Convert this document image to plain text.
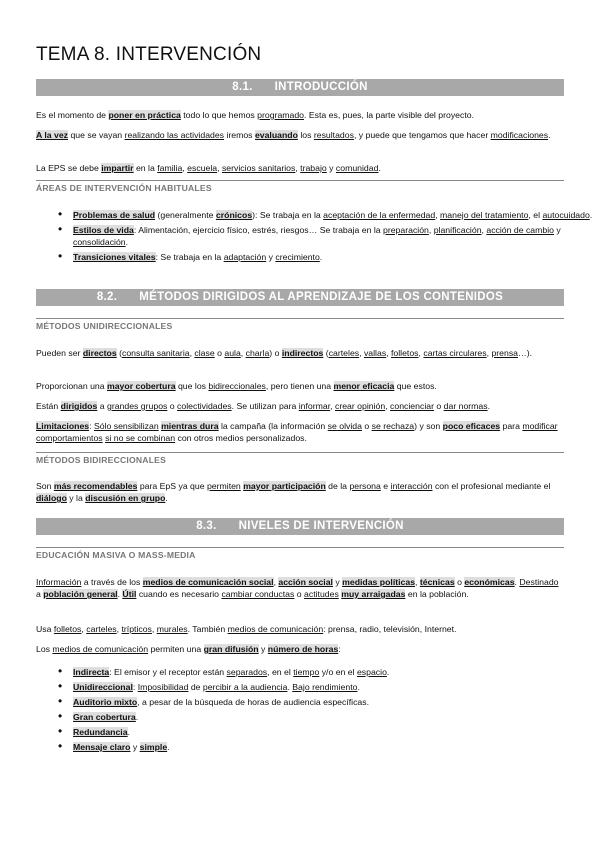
TEMA 8. INTERVENCIÓN
8.1. INTRODUCCIÓN
Es el momento de poner en práctica todo lo que hemos programado. Esta es, pues, la parte visible del proyecto.
A la vez que se vayan realizando las actividades iremos evaluando los resultados, y puede que tengamos que hacer modificaciones.
La EPS se debe impartir en la familia, escuela, servicios sanitarios, trabajo y comunidad.
ÁREAS DE INTERVENCIÓN HABITUALES
• Problemas de salud (generalmente crónicos): Se trabaja en la aceptación de la enfermedad, manejo del tratamiento, el autocuidado.
• Estilos de vida: Alimentación, ejercicio físico, estrés, riesgos… Se trabaja en la preparación, planificación, acción de cambio y consolidación.
• Transiciones vitales: Se trabaja en la adaptación y crecimiento.
8.2. MÉTODOS DIRIGIDOS AL APRENDIZAJE DE LOS CONTENIDOS
MÉTODOS UNIDIRECCIONALES
Pueden ser directos (consulta sanitaria, clase o aula, charla) o indirectos (carteles, vallas, folletos, cartas circulares, prensa…).
Proporcionan una mayor cobertura que los bidireccionales, pero tienen una menor eficacia que estos.
Están dirigidos a grandes grupos o colectividades. Se utilizan para informar, crear opinión, concienciar o dar normas.
Limitaciones: Sólo sensibilizan mientras dura la campaña (la información se olvida o se rechaza) y son poco eficaces para modificar comportamientos si no se combinan con otros medios personalizados.
MÉTODOS BIDIRECCIONALES
Son más recomendables para EpS ya que permiten mayor participación de la persona e interacción con el profesional mediante el diálogo y la discusión en grupo.
8.3. NIVELES DE INTERVENCIÓN
EDUCACIÓN MASIVA O MASS-MEDIA
Información a través de los medios de comunicación social, acción social y medidas políticas, técnicas o económicas. Destinado a población general. Útil cuando es necesario cambiar conductas o actitudes muy arraigadas en la población.
Usa folletos, carteles, trípticos, murales. También medios de comunicación: prensa, radio, televisión, Internet.
Los medios de comunicación permiten una gran difusión y número de horas:
• Indirecta: El emisor y el receptor están separados, en el tiempo y/o en el espacio.
• Unidireccional: Imposibilidad de percibir a la audiencia. Bajo rendimiento.
• Auditorio mixto, a pesar de la búsqueda de horas de audiencia específicas.
• Gran cobertura.
• Redundancia.
• Mensaje claro y simple.
